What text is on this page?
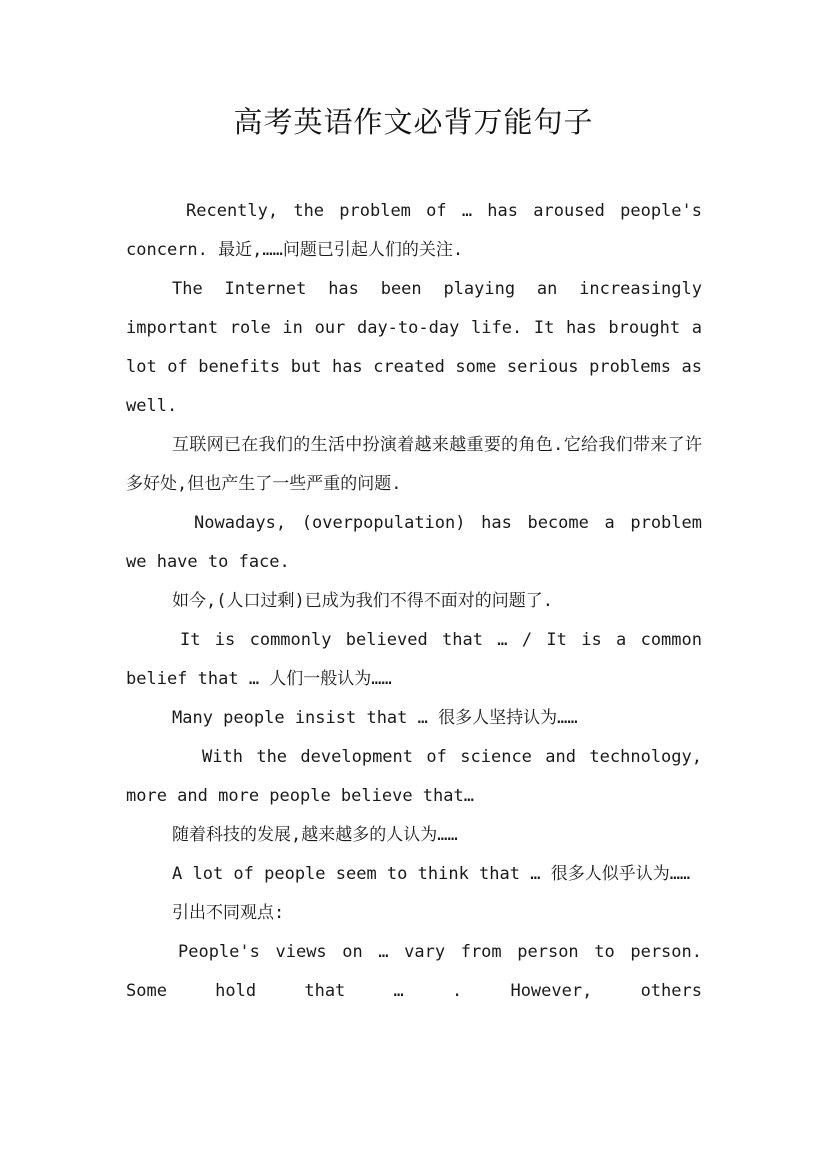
高考英语作文必背万能句子

Recently, the problem of … has aroused people's concern. 最近,……问题已引起人们的关注.

The Internet has been playing an increasingly important role in our day-to-day life. It has brought a lot of benefits but has created some serious problems as well.

互联网已在我们的生活中扮演着越来越重要的角色.它给我们带来了许多好处,但也产生了一些严重的问题.

Nowadays, (overpopulation) has become a problem we have to face.

如今,(人口过剩)已成为我们不得不面对的问题了.

It is commonly believed that … / It is a common belief that … 人们一般认为……

Many people insist that … 很多人坚持认为……

With the development of science and technology, more and more people believe that…

随着科技的发展,越来越多的人认为……

A lot of people seem to think that … 很多人似乎认为……

引出不同观点:

People's views on … vary from person to person. Some hold that … . However, others
